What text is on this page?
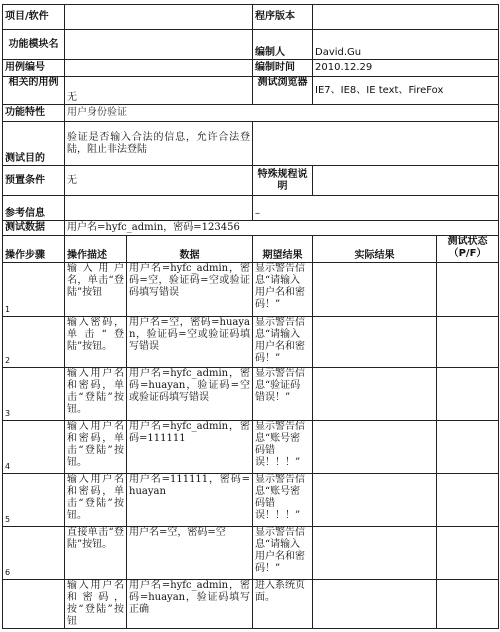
项目/软件			程序版本		
功能模块名			编制人	David.Gu	
用例编号			编制时间	2010.12.29	
相关的用例	无		测试浏览器	IE7、IE8、IE text、FireFox	
功能特性	用户身份验证				
测试目的	验证是否输入合法的信息，允许合法登陆，阻止非法登陆				
预置条件	无		特殊规程说明		
参考信息			–		
测试数据	用户名=hyfc_admin，密码=123456				
操作步骤	操作描述	数据	期望结果	实际结果	测试状态（P/F）
1	输入用户名，单击“登陆”按钮	用户名=hyfc_admin，密码=空，验证码=空或验证码填写错误	显示警告信息“请输入用户名和密码！”		
2	输入密码，单击“登陆”按钮。	用户名=空，密码=huayan，验证码=空或验证码填写错误	显示警告信息“请输入用户名和密码！”		
3	输入用户名和密码，单击“登陆”按钮。	用户名=hyfc_admin，密码=huayan，验证码=空或验证码填写错误	显示警告信息“验证码错误！”		
4	输入用户名和密码，单击“登陆”按钮。	用户名=hyfc_admin，密码=111111	显示警告信息“账号密码错误！！！”		
5	输入用户名和密码，单击“登陆”按钮。	用户名=111111，密码=huayan	显示警告信息“账号密码错误！！！”		
6	直接单击“登陆”按钮。	用户名=空，密码=空	显示警告信息“请输入用户名和密码！”		
	输入用户名和密码，按“登陆”按钮	用户名=hyfc_admin，密码=huayan，验证码填写正确	进入系统页面。		
